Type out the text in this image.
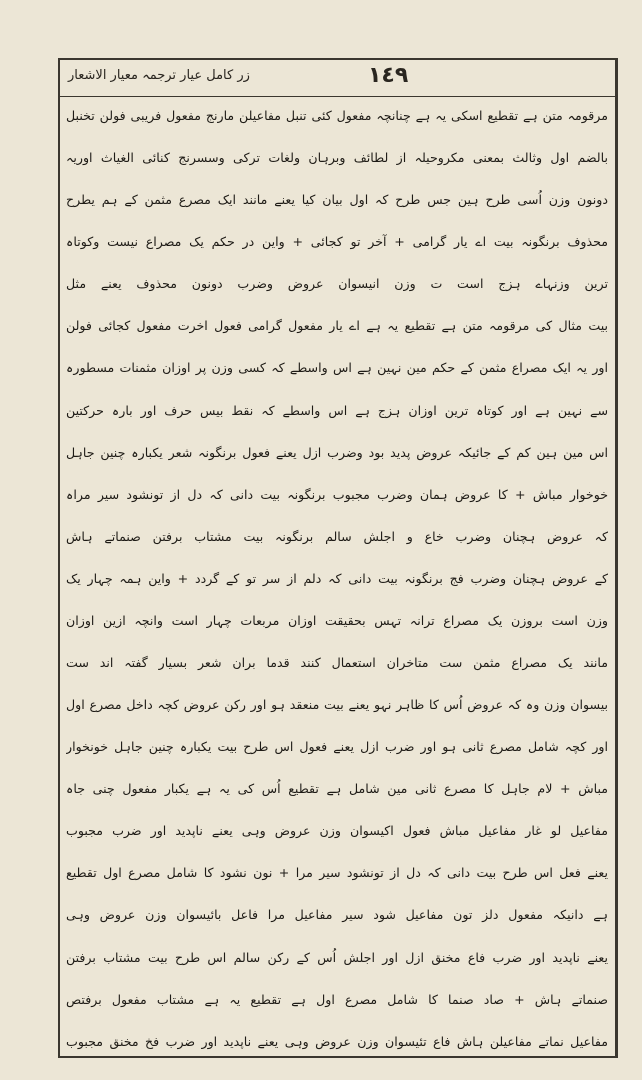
زر کامل عیار ترجمہ معیار الاشعار	١٤٩
مرقومہ متن ہے تقطیع اسکی یہ ہے چنانچہ مفعول کئی تنبل مفاعیلن مارنج مفعول فریبی فولن تخنبل
بالضم اول وثالث بمعنی مکروحیلہ از لطائف وبرہان ولغات ترکی وسسرنج کنائی الغیاث اوریہ
دونون وزن اُسی طرح ہین جس طرح کہ اول بیان کیا یعنے مانند ایک مصرع مثمن کے ہم یطرح
محذوف برنگونہ بیت اے یار گرامی + آخر تو کجائی + واین در حکم یک مصراع نیست وکوتاہ
ترین وزنہاے ہزج است ت وزن انیسوان عروض وضرب دونون محذوف یعنے مثل
بیت مثال کی مرقومہ متن ہے تقطیع یہ ہے اے یار مفعول گرامی فعول اخرت مفعول کجائی فولن
اور یہ ایک مصراع مثمن کے حکم مین نہین ہے اس واسطے کہ کسی وزن پر اوزان مثمنات مسطورہ
سے نہین ہے اور کوتاہ ترین اوزان ہزج ہے اس واسطے کہ نقط بیس حرف اور بارہ حرکتین
اس مین ہین کم کے جائیکہ عروض پدید بود وضرب ازل یعنے فعول برنگونہ شعر یکبارہ چنین جاہل
خوخوار مباش + کا عروض ہمان وضرب مجبوب برنگونہ بیت دانی کہ دل از تونشود سیر مراہ
کہ عروض ہچنان وضرب خاع و اجلش سالم برنگونہ بیت مشتاب برفتن صنماتے ہاش
کے عروض ہچنان وضرب فج برنگونہ بیت دانی کہ دلم از سر تو کے گردد + واین ہمہ چہار یک
وزن است بروزن یک مصراع ترانہ تہس بحقیقت اوزان مربعات چہار است وانچہ ازین اوزان
مانند یک مصراع مثمن ست متاخران استعمال کنند قدما بران شعر بسیار گفتہ اند ست
بیسوان وزن وہ کہ عروض اُس کا ظاہر نہو یعنے بیت منعقد ہو اور رکن عروض کچہ داخل مصرع اول
اور کچہ شامل مصرع ثانی ہو اور ضرب ازل یعنے فعول اس طرح بیت یکبارہ چنین جاہل خونخوار
مباش + لام جاہل کا مصرع ثانی مین شامل ہے تقطیع اُس کی یہ ہے یکبار مفعول چنی جاہ
مفاعیل لو غار مفاعیل مباش فعول اکیسوان وزن عروض وہی یعنے ناپدید اور ضرب مجبوب
یعنے فعل اس طرح بیت دانی کہ دل از تونشود سیر مرا + نون نشود کا شامل مصرع اول تقطیع
ہے دانیکہ مفعول دلز تون مفاعیل شود سیر مفاعیل مرا فاعل بائیسوان وزن عروض وہی
یعنے ناپدید اور ضرب فاع مخنق ازل اور اجلش اُس کے رکن سالم اس طرح بیت مشتاب برفتن
صنماتے ہاش + صاد صنما کا شامل مصرع اول ہے تقطیع یہ ہے مشتاب مفعول برفتص
مفاعیل نماتے مفاعیلن ہاش فاع تئیسوان وزن عروض وہی یعنے ناپدید اور ضرب فخ مخنق مجبوب
